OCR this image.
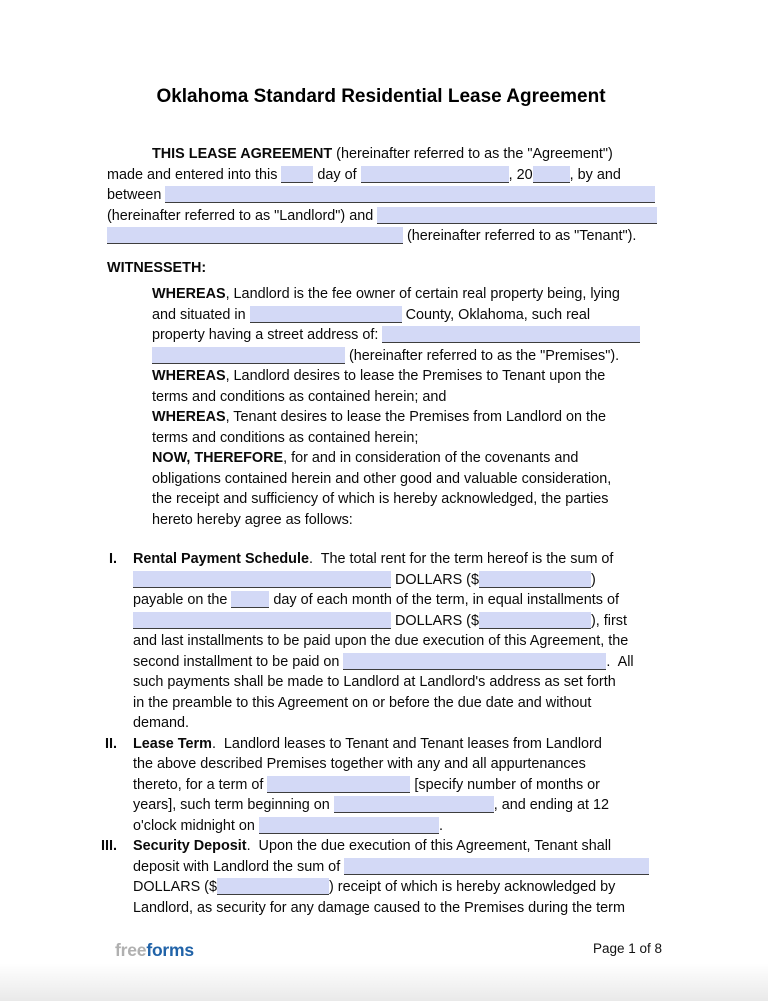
Oklahoma Standard Residential Lease Agreement
THIS LEASE AGREEMENT (hereinafter referred to as the "Agreement")
made and entered into this  day of	, 20	, by and
between
(hereinafter referred to as "Landlord") and
(hereinafter referred to as "Tenant").
WITNESSETH:
WHEREAS, Landlord is the fee owner of certain real property being, lying
and situated in	County, Oklahoma, such real
property having a street address of:
(hereinafter referred to as the "Premises").
WHEREAS, Landlord desires to lease the Premises to Tenant upon the
terms and conditions as contained herein; and
WHEREAS, Tenant desires to lease the Premises from Landlord on the
terms and conditions as contained herein;
NOW, THEREFORE, for and in consideration of the covenants and
obligations contained herein and other good and valuable consideration,
the receipt and sufficiency of which is hereby acknowledged, the parties
hereto hereby agree as follows:
I. Rental Payment Schedule.  The total rent for the term hereof is the sum of
DOLLARS ($	)
payable on the	day of each month of the term, in equal installments of
DOLLARS ($	), first
and last installments to be paid upon the due execution of this Agreement, the
second installment to be paid on	.  All
such payments shall be made to Landlord at Landlord's address as set forth
in the preamble to this Agreement on or before the due date and without
demand.
II. Lease Term.  Landlord leases to Tenant and Tenant leases from Landlord
the above described Premises together with any and all appurtenances
thereto, for a term of	[specify number of months or
years], such term beginning on	, and ending at 12
o'clock midnight on	.
III. Security Deposit.  Upon the due execution of this Agreement, Tenant shall
deposit with Landlord the sum of
DOLLARS ($	) receipt of which is hereby acknowledged by
Landlord, as security for any damage caused to the Premises during the term
freeforms	Page 1 of 8
